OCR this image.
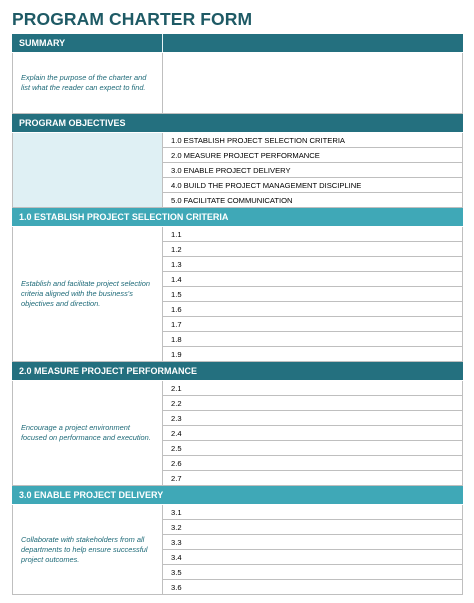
PROGRAM CHARTER FORM
SUMMARY
Explain the purpose of the charter and list what the reader can expect to find.
PROGRAM OBJECTIVES
1.0 ESTABLISH PROJECT SELECTION CRITERIA
2.0 MEASURE PROJECT PERFORMANCE
3.0 ENABLE PROJECT DELIVERY
4.0 BUILD THE PROJECT MANAGEMENT DISCIPLINE
5.0 FACILITATE COMMUNICATION
1.0 ESTABLISH PROJECT SELECTION CRITERIA
Establish and facilitate project selection criteria aligned with the business's objectives and direction.
1.1
1.2
1.3
1.4
1.5
1.6
1.7
1.8
1.9
2.0 MEASURE PROJECT PERFORMANCE
Encourage a project environment focused on performance and execution.
2.1
2.2
2.3
2.4
2.5
2.6
2.7
3.0 ENABLE PROJECT DELIVERY
Collaborate with stakeholders from all departments to help ensure successful project outcomes.
3.1
3.2
3.3
3.4
3.5
3.6
